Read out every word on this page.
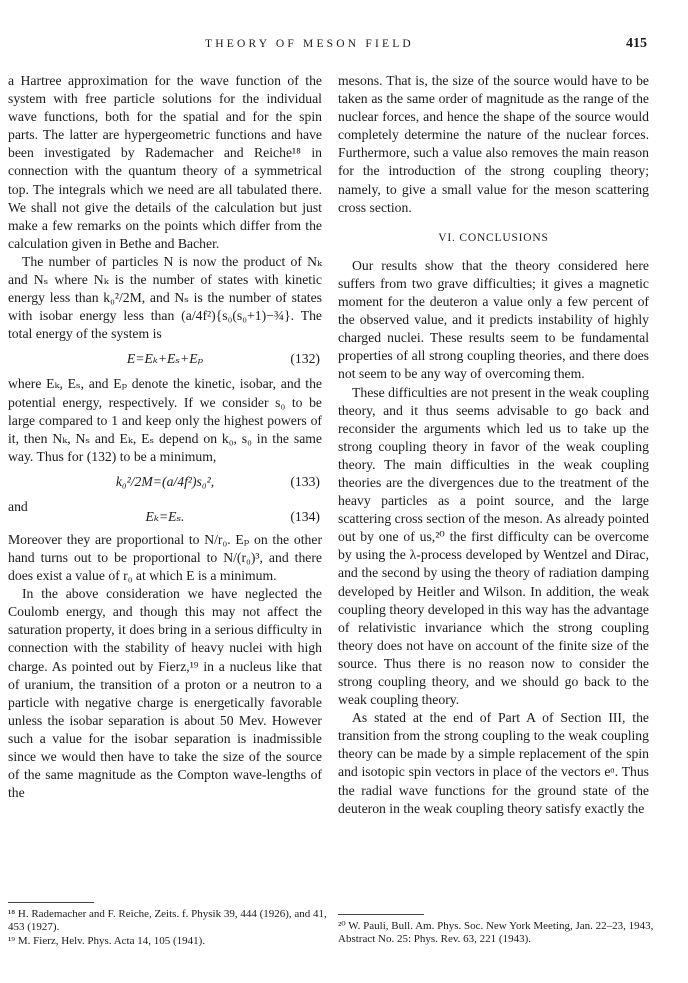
THEORY OF MESON FIELD	415

a Hartree approximation for the wave function of the system with free particle solutions for the individual wave functions, both for the spatial and for the spin parts. The latter are hypergeometric functions and have been investigated by Rademacher and Reiche¹⁸ in connection with the quantum theory of a symmetrical top. The integrals which we need are all tabulated there. We shall not give the details of the calculation but just make a few remarks on the points which differ from the calculation given in Bethe and Bacher.

The number of particles N is now the product of Nₖ and Nₛ where Nₖ is the number of states with kinetic energy less than k₀²/2M, and Nₛ is the number of states with isobar energy less than (a/4f²){s₀(s₀+1)−¾}. The total energy of the system is

E=Eₖ+Eₛ+Eₚ	(132)

where Eₖ, Eₛ, and Eₚ denote the kinetic, isobar, and the potential energy, respectively. If we consider s₀ to be large compared to 1 and keep only the highest powers of it, then Nₖ, Nₛ and Eₖ, Eₛ depend on k₀, s₀ in the same way. Thus for (132) to be a minimum,

k₀²/2M=(a/4f²)s₀²,	(133)
and
Eₖ=Eₛ.	(134)

Moreover they are proportional to N/r₀. Eₚ on the other hand turns out to be proportional to N/(r₀)³, and there does exist a value of r₀ at which E is a minimum.

In the above consideration we have neglected the Coulomb energy, and though this may not affect the saturation property, it does bring in a serious difficulty in connection with the stability of heavy nuclei with high charge. As pointed out by Fierz,¹⁹ in a nucleus like that of uranium, the transition of a proton or a neutron to a particle with negative charge is energetically favorable unless the isobar separation is about 50 Mev. However such a value for the isobar separation is inadmissible since we would then have to take the size of the source of the same magnitude as the Compton wave-lengths of the

mesons. That is, the size of the source would have to be taken as the same order of magnitude as the range of the nuclear forces, and hence the shape of the source would completely determine the nature of the nuclear forces. Furthermore, such a value also removes the main reason for the introduction of the strong coupling theory; namely, to give a small value for the meson scattering cross section.

VI. CONCLUSIONS

Our results show that the theory considered here suffers from two grave difficulties; it gives a magnetic moment for the deuteron a value only a few percent of the observed value, and it predicts instability of highly charged nuclei. These results seem to be fundamental properties of all strong coupling theories, and there does not seem to be any way of overcoming them.

These difficulties are not present in the weak coupling theory, and it thus seems advisable to go back and reconsider the arguments which led us to take up the strong coupling theory in favor of the weak coupling theory. The main difficulties in the weak coupling theories are the divergences due to the treatment of the heavy particles as a point source, and the large scattering cross section of the meson. As already pointed out by one of us,²⁰ the first difficulty can be overcome by using the λ-process developed by Wentzel and Dirac, and the second by using the theory of radiation damping developed by Heitler and Wilson. In addition, the weak coupling theory developed in this way has the advantage of relativistic invariance which the strong coupling theory does not have on account of the finite size of the source. Thus there is no reason now to consider the strong coupling theory, and we should go back to the weak coupling theory.

As stated at the end of Part A of Section III, the transition from the strong coupling to the weak coupling theory can be made by a simple replacement of the spin and isotopic spin vectors in place of the vectors eᵅ. Thus the radial wave functions for the ground state of the deuteron in the weak coupling theory satisfy exactly the

¹⁸ H. Rademacher and F. Reiche, Zeits. f. Physik 39, 444 (1926), and 41, 453 (1927).
¹⁹ M. Fierz, Helv. Phys. Acta 14, 105 (1941).
²⁰ W. Pauli, Bull. Am. Phys. Soc. New York Meeting, Jan. 22–23, 1943, Abstract No. 25: Phys. Rev. 63, 221 (1943).
